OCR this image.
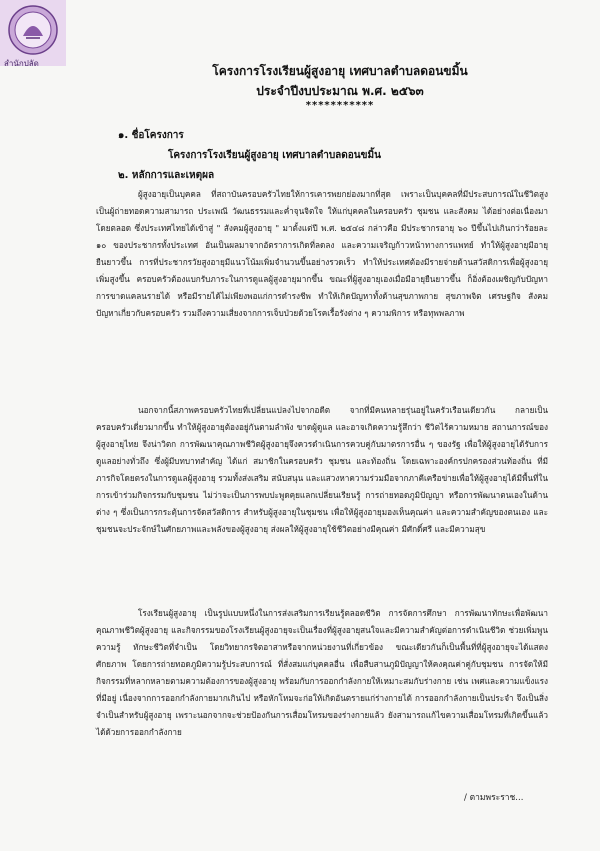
สำนักปลัด
โครงการโรงเรียนผู้สูงอายุ เทศบาลตำบลดอนขมิ้น
ประจำปีงบประมาณ พ.ศ. ๒๕๖๓
***********
๑. ชื่อโครงการ
โครงการโรงเรียนผู้สูงอายุ เทศบาลตำบลดอนขมิ้น
๒. หลักการและเหตุผล
ผู้สูงอายุเป็นบุคคล ที่สถาบันครอบครัวไทยให้การเคารพยกย่องมากที่สุด เพราะเป็นบุคคลที่มีประสบการณ์ในชีวิตสูง เป็นผู้ถ่ายทอดความสามารถ ประเพณี วัฒนธรรมและค่ำจุนจิตใจ ให้แก่บุคคลในครอบครัว ชุมชน และสังคม ได้อย่างต่อเนื่องมาโดยตลอด ซึ่งประเทศไทยได้เข้าสู่ " สังคมผู้สูงอายุ " มาตั้งแต่ปี พ.ศ. ๒๕๔๘ กล่าวคือ มีประชากรอายุ ๖๐ ปีขึ้นไปเกินกว่าร้อยละ ๑๐ ของประชากรทั้งประเทศ อันเป็นผลมาจากอัตราการเกิดที่ลดลง และความเจริญก้าวหน้าทางการแพทย์ ทำให้ผู้สูงอายุมีอายุยืนยาวขึ้น การที่ประชากรวัยสูงอายุมีแนวโน้มเพิ่มจำนวนขึ้นอย่างรวดเร็ว ทำให้ประเทศต้องมีรายจ่ายด้านสวัสดิการเพื่อผู้สูงอายุเพิ่มสูงขึ้น ครอบครัวต้องแบกรับภาระในการดูแลผู้สูงอายุมากขึ้น ขณะที่ผู้สูงอายุเองเมื่อมีอายุยืนยาวขึ้น ก็อิ่งต้องเผชิญกับปัญหาการขาดแคลนรายได้ หรือมีรายได้ไม่เพียงพอแก่การดำรงชีพ ทำให้เกิดปัญหาทั้งด้านสุขภาพกาย สุขภาพจิต เศรษฐกิจ สังคม ปัญหาเกี่ยวกับครอบครัว รวมถึงความเสี่ยงจากการเจ็บป่วยด้วยโรคเรื้อรังต่าง ๆ ความพิการ หรือทุพพลภาพ
นอกจากนี้สภาพครอบครัวไทยที่เปลี่ยนแปลงไปจากอดีต จากที่มีคนหลายรุ่นอยู่ในครัวเรือนเดียวกัน กลายเป็นครอบครัวเดี่ยวมากขึ้น ทำให้ผู้สูงอายุต้องอยู่กันตามลำพัง ขาดผู้ดูแล และอาจเกิดความรู้สึกว่า ชีวิตไร้ความหมาย สถานการณ์ของผู้สูงอายุไทย จึงน่าวิตก การพัฒนาคุณภาพชีวิตผู้สูงอายุจึงควรดำเนินการควบคู่กับมาตรการอื่น ๆ ของรัฐ เพื่อให้ผู้สูงอายุได้รับการดูแลอย่างทั่วถึง ซึ่งผู้มีบทบาทสำคัญ ได้แก่ สมาชิกในครอบครัว ชุมชน และท้องถิ่น โดยเฉพาะองค์กรปกครองส่วนท้องถิ่น ที่มีภารกิจโดยตรงในการดูแลผู้สูงอายุ รวมทั้งส่งเสริม สนับสนุน และแสวงหาความร่วมมือจากภาคีเครือข่ายเพื่อให้ผู้สูงอายุได้มีพื้นที่ในการเข้าร่วมกิจกรรมกับชุมชน ไม่ว่าจะเป็นการพบปะพูดคุยแลกเปลี่ยนเรียนรู้ การถ่ายทอดภูมิปัญญา หรือการพัฒนาตนเองในด้านต่าง ๆ ซึ่งเป็นการกระตุ้นการจัดสวัสดิการ สำหรับผู้สูงอายุในชุมชน เพื่อให้ผู้สูงอายุมองเห็นคุณค่า และความสำคัญของตนเอง และชุมชนจะประจักษ์ในศักยภาพและพลังของผู้สูงอายุ ส่งผลให้ผู้สูงอายุใช้ชีวิตอย่างมีคุณค่า มีศักดิ์ศรี และมีความสุข
โรงเรียนผู้สูงอายุ เป็นรูปแบบหนึ่งในการส่งเสริมการเรียนรู้ตลอดชีวิต การจัดการศึกษา การพัฒนาทักษะเพื่อพัฒนาคุณภาพชีวิตผู้สูงอายุ และกิจกรรมของโรงเรียนผู้สูงอายุจะเป็นเรื่องที่ผู้สูงอายุสนใจและมีความสำคัญต่อการดำเนินชีวิต ช่วยเพิ่มพูนความรู้ ทักษะชีวิตที่จำเป็น โดยวิทยากรจิตอาสาหรือจากหน่วยงานที่เกี่ยวข้อง ขณะเดียวกันก็เป็นพื้นที่ที่ผู้สูงอายุจะได้แสดงศักยภาพ โดยการถ่ายทอดภูมิความรู้ประสบการณ์ ที่สั่งสมแก่บุคคลอื่น เพื่อสืบสานภูมิปัญญาให้คงคุณค่าคู่กับชุมชน การจัดให้มีกิจกรรมที่หลากหลายตามความต้องการของผู้สูงอายุ พร้อมกับการออกกำลังกายให้เหมาะสมกับร่างกาย เช่น เพศและความแข็งแรงที่มีอยู่ เนื่องจากการออกกำลังกายมากเกินไป หรือหักโหมจะก่อให้เกิดอันตรายแก่ร่างกายได้ การออกกำลังกายเป็นประจำ จึงเป็นสิ่งจำเป็นสำหรับผู้สูงอายุ เพราะนอกจากจะช่วยป้องกันการเสื่อมโทรมของร่างกายแล้ว ยังสามารถแก้ไขความเสื่อมโทรมที่เกิดขึ้นแล้วได้ด้วยการออกกำลังกาย
/ ตามพระราช...
